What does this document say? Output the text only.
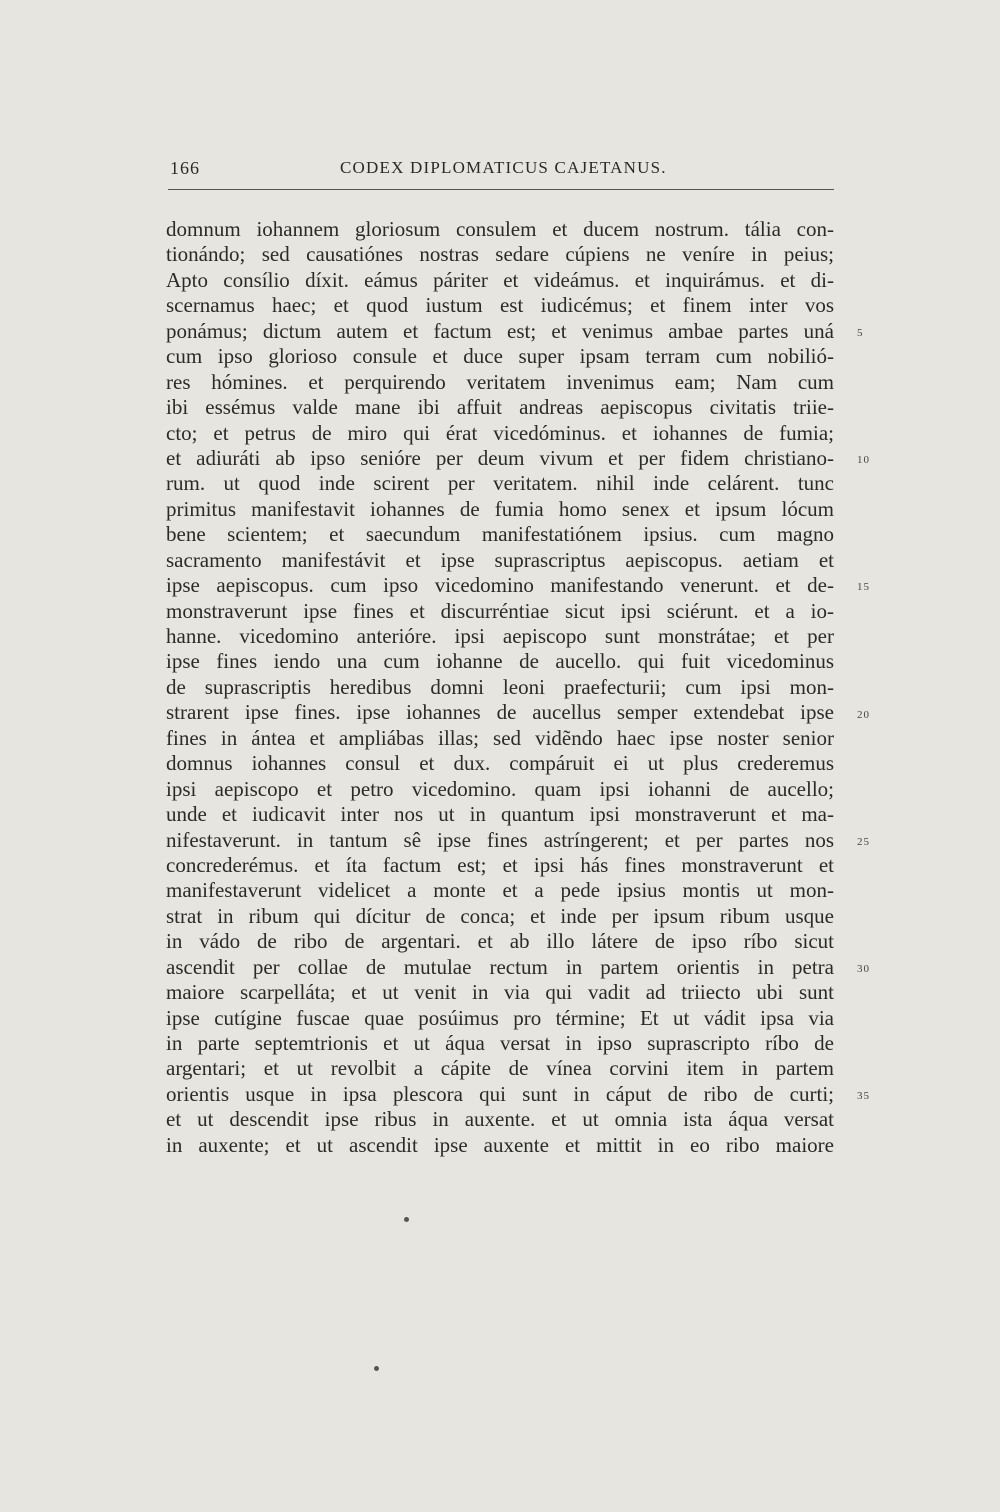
166	CODEX DIPLOMATICUS CAJETANUS.
domnum iohannem gloriosum consulem et ducem nostrum. tália con-
tionándo; sed causatiónes nostras sedare cúpiens ne veníre in peius;
Apto consílio díxit. eámus páriter et videámus. et inquirámus. et di-
scernamus haec; et quod iustum est iudicémus; et finem inter vos
ponámus; dictum autem et factum est; et venimus ambae partes uná
cum ipso glorioso consule et duce super ipsam terram cum nobilió-
res hómines. et perquirendo veritatem invenimus eam; Nam cum
ibi essémus valde mane ibi affuit andreas aepiscopus civitatis triie-
cto; et petrus de miro qui érat vicedóminus. et iohannes de fumia;
et adiuráti ab ipso senióre per deum vivum et per fidem christiano-
rum. ut quod inde scirent per veritatem. nihil inde celárent. tunc
primitus manifestavit iohannes de fumia homo senex et ipsum lócum
bene scientem; et saecundum manifestatiónem ipsius. cum magno
sacramento manifestávit et ipse suprascriptus aepiscopus. aetiam et
ipse aepiscopus. cum ipso vicedomino manifestando venerunt. et de-
monstraverunt ipse fines et discurréntiae sicut ipsi sciérunt. et a io-
hanne. vicedomino anterióre. ipsi aepiscopo sunt monstrátae; et per
ipse fines iendo una cum iohanne de aucello. qui fuit vicedominus
de suprascriptis heredibus domni leoni praefecturii; cum ipsi mon-
strarent ipse fines. ipse iohannes de aucellus semper extendebat ipse
fines in ántea et ampliábas illas; sed vidẽndo haec ipse noster senior
domnus iohannes consul et dux. compáruit ei ut plus crederemus
ipsi aepiscopo et petro vicedomino. quam ipsi iohanni de aucello;
unde et iudicavit inter nos ut in quantum ipsi monstraverunt et ma-
nifestaverunt. in tantum sê ipse fines astríngerent; et per partes nos
concrederémus. et íta factum est; et ipsi hás fines monstraverunt et
manifestaverunt videlicet a monte et a pede ipsius montis ut mon-
strat in ribum qui dícitur de conca; et inde per ipsum ribum usque
in vádo de ribo de argentari. et ab illo látere de ipso ríbo sicut
ascendit per collae de mutulae rectum in partem orientis in petra
maiore scarpelláta; et ut venit in via qui vadit ad triiecto ubi sunt
ipse cutígine fuscae quae posúimus pro términe; Et ut vádit ipsa via
in parte septemtrionis et ut áqua versat in ipso suprascripto ríbo de
argentari; et ut revolbit a cápite de vínea corvini item in partem
orientis usque in ipsa plescora qui sunt in cáput de ribo de curti;
et ut descendit ipse ribus in auxente. et ut omnia ista áqua versat
in auxente; et ut ascendit ipse auxente et mittit in eo ribo maiore
5
10
15
20
25
30
35
